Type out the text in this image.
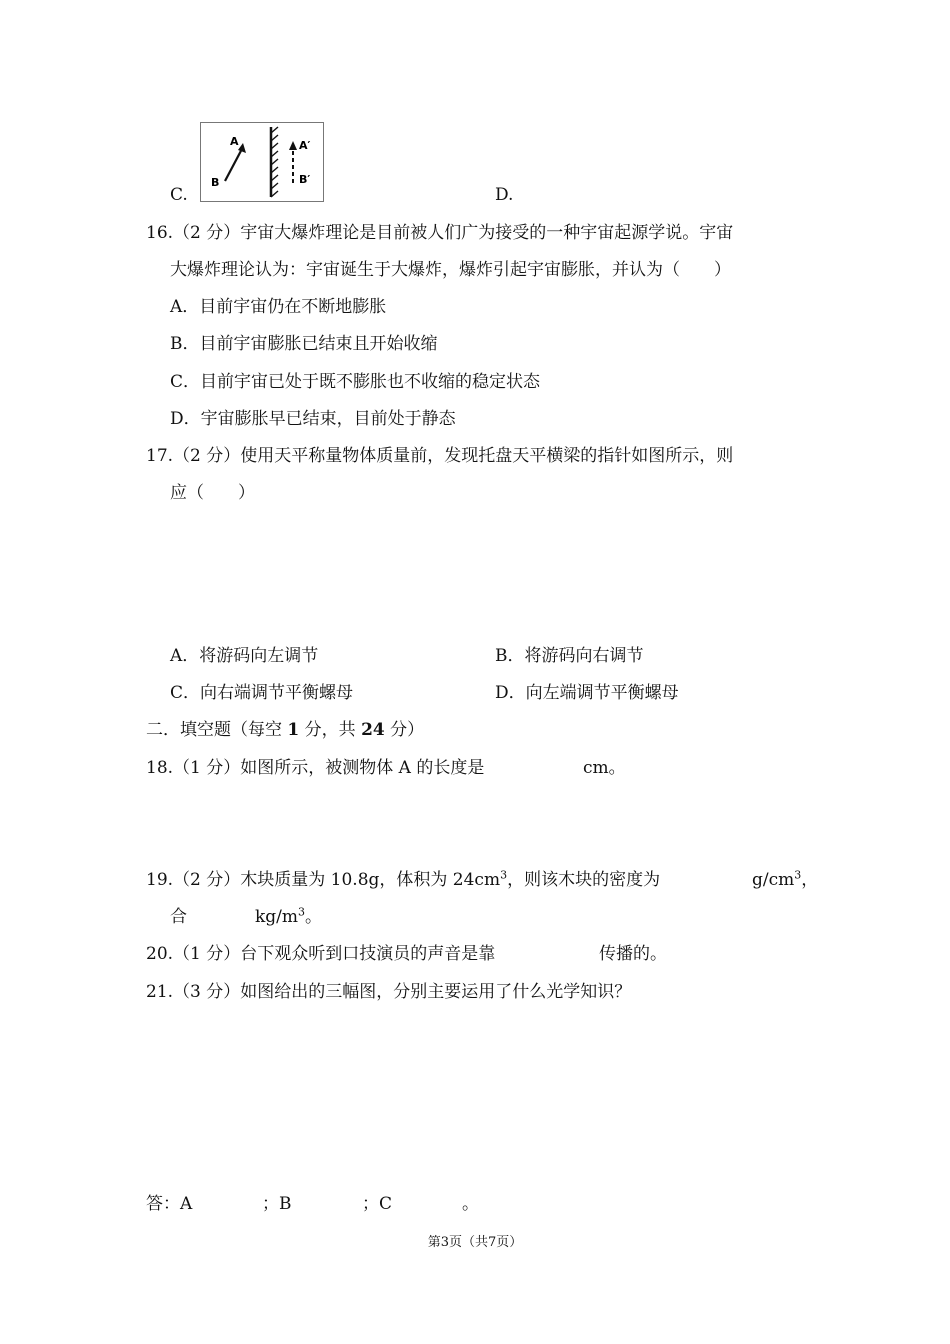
C.
A
B
A′
B′
D.
16.（2 分）宇宙大爆炸理论是目前被人们广为接受的一种宇宙起源学说。宇宙
大爆炸理论认为：宇宙诞生于大爆炸，爆炸引起宇宙膨胀，并认为（　　）
A．目前宇宙仍在不断地膨胀
B．目前宇宙膨胀已结束且开始收缩
C．目前宇宙已处于既不膨胀也不收缩的稳定状态
D．宇宙膨胀早已结束，目前处于静态
17.（2 分）使用天平称量物体质量前，发现托盘天平横梁的指针如图所示，则
应（　　）
A．将游码向左调节	B．将游码向右调节
C．向右端调节平衡螺母	D．向左端调节平衡螺母
二．填空题（每空 1 分，共 24 分）
18.（1 分）如图所示，被测物体 A 的长度是	cm。
19.（2 分）木块质量为 10.8g，体积为 $24cm^3$，则该木块的密度为	$g/cm^3$，
合	$kg/m^3$。
20.（1 分）台下观众听到口技演员的声音是靠	传播的。
21.（3 分）如图给出的三幅图，分别主要运用了什么光学知识？
答：A	；B	；C	。
第3页（共7页）
